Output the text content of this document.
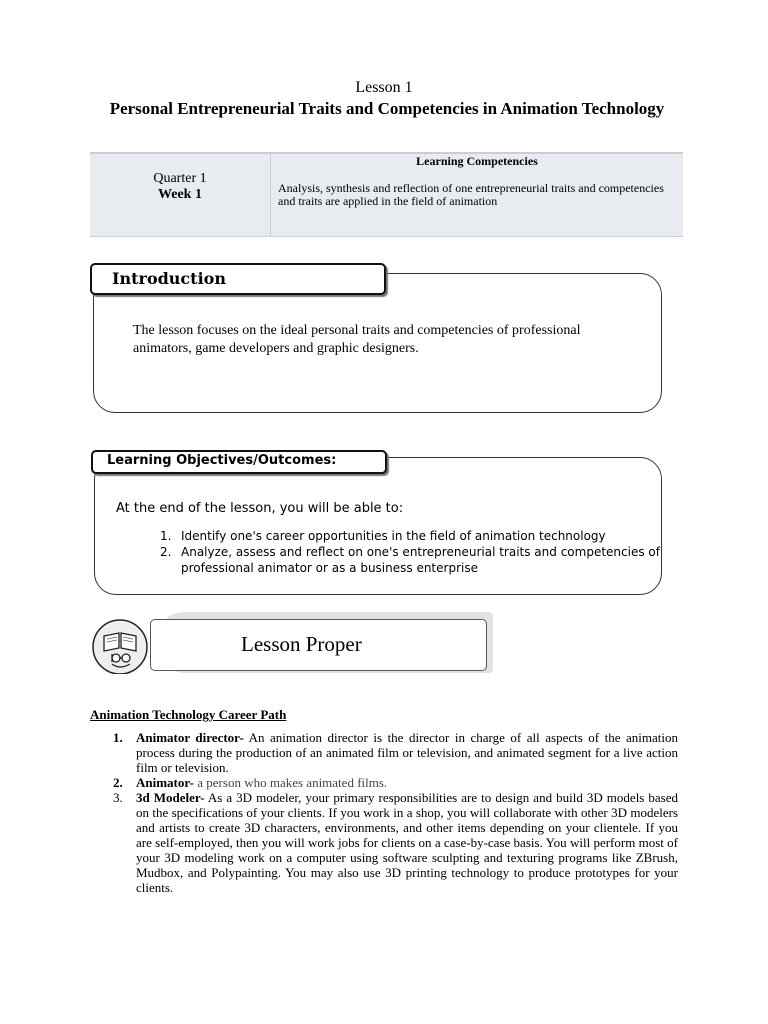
Lesson 1
Personal Entrepreneurial Traits and Competencies in Animation Technology
Quarter 1
Week 1
Learning Competencies
Analysis, synthesis and reflection of one entrepreneurial traits and competencies and traits are applied in the field of animation
Introduction
The lesson focuses on the ideal personal traits and competencies of professional animators, game developers and graphic designers.
Learning Objectives/Outcomes:
At the end of the lesson, you will be able to:
1. Identify one's career opportunities in the field of animation technology
2. Analyze, assess and reflect on one's entrepreneurial traits and competencies of professional animator or as a business enterprise
Lesson Proper
Animation Technology Career Path
1. Animator director- An animation director is the director in charge of all aspects of the animation process during the production of an animated film or television, and animated segment for a live action film or television.
2. Animator- a person who makes animated films.
3. 3d Modeler- As a 3D modeler, your primary responsibilities are to design and build 3D models based on the specifications of your clients. If you work in a shop, you will collaborate with other 3D modelers and artists to create 3D characters, environments, and other items depending on your clientele. If you are self-employed, then you will work jobs for clients on a case-by-case basis. You will perform most of your 3D modeling work on a computer using software sculpting and texturing programs like ZBrush, Mudbox, and Polypainting. You may also use 3D printing technology to produce prototypes for your clients.
